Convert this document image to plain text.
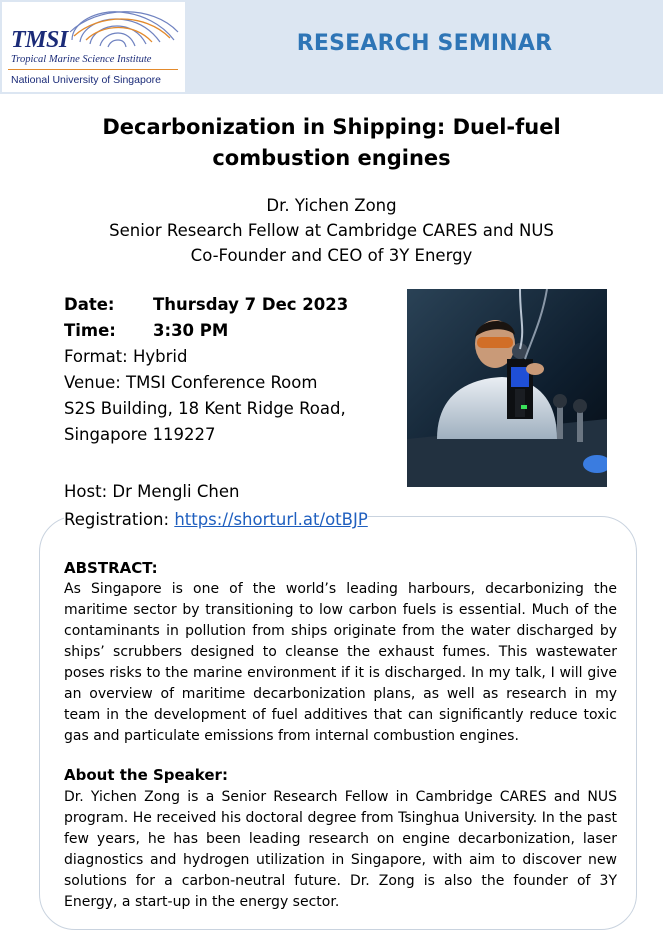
TMSI
Tropical Marine Science Institute
National University of Singapore
RESEARCH SEMINAR
Decarbonization in Shipping: Duel-fuel combustion engines
Dr. Yichen Zong
Senior Research Fellow at Cambridge CARES and NUS
Co-Founder and CEO of 3Y Energy
Date: Thursday 7 Dec 2023
Time: 3:30 PM
Format: Hybrid
Venue: TMSI Conference Room
S2S Building, 18 Kent Ridge Road,
Singapore 119227
Host: Dr Mengli Chen
Registration: https://shorturl.at/otBJP
ABSTRACT:
As Singapore is one of the world’s leading harbours, decarbonizing the maritime sector by transitioning to low carbon fuels is essential. Much of the contaminants in pollution from ships originate from the water discharged by ships’ scrubbers designed to cleanse the exhaust fumes. This wastewater poses risks to the marine environment if it is discharged. In my talk, I will give an overview of maritime decarbonization plans, as well as research in my team in the development of fuel additives that can significantly reduce toxic gas and particulate emissions from internal combustion engines.
About the Speaker:
Dr. Yichen Zong is a Senior Research Fellow in Cambridge CARES and NUS program. He received his doctoral degree from Tsinghua University. In the past few years, he has been leading research on engine decarbonization, laser diagnostics and hydrogen utilization in Singapore, with aim to discover new solutions for a carbon-neutral future. Dr. Zong is also the founder of 3Y Energy, a start-up in the energy sector.
